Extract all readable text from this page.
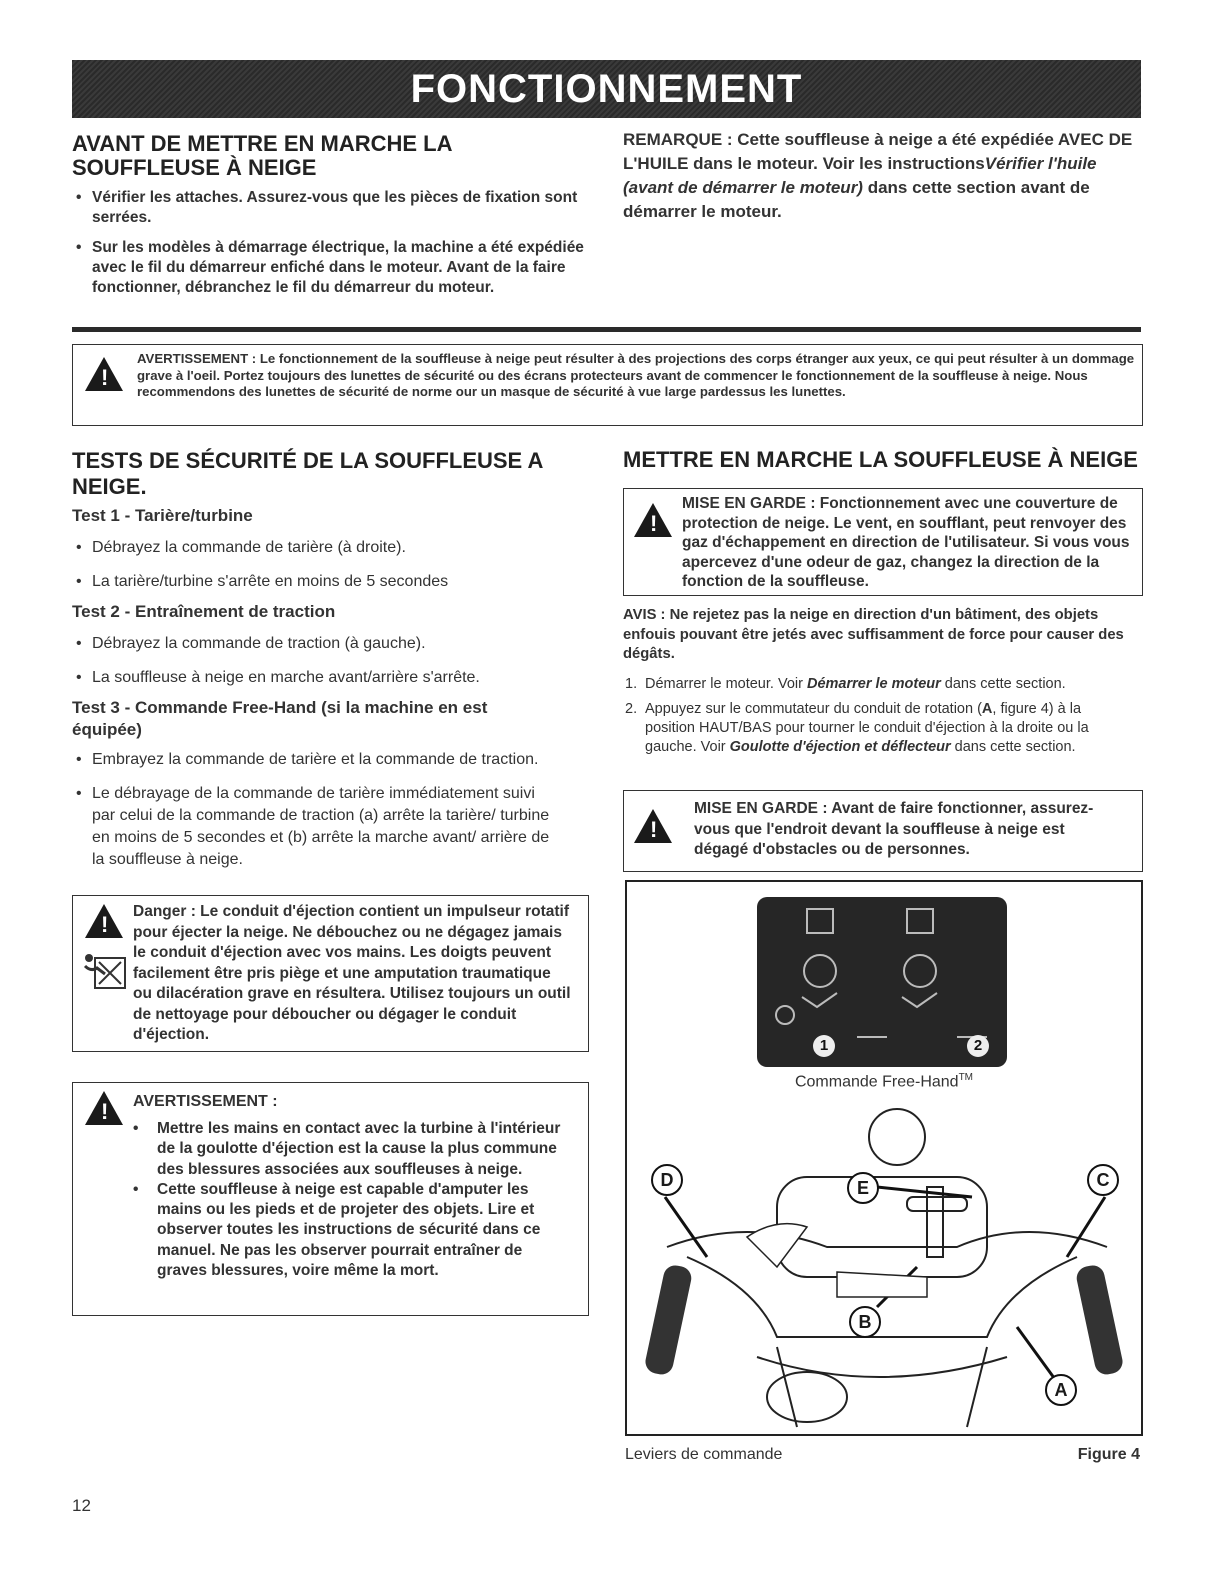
FONCTIONNEMENT
AVANT DE METTRE EN MARCHE LA SOUFFLEUSE À NEIGE
• Vérifier les attaches. Assurez-vous que les pièces de fixation sont serrées.
• Sur les modèles à démarrage électrique, la machine a été expédiée avec le fil du démarreur enfiché dans le moteur. Avant de la faire fonctionner, débranchez le fil du démarreur du moteur.

REMARQUE : Cette souffleuse à neige a été expédiée AVEC DE L'HUILE dans le moteur. Voir les instructionsVérifier l'huile (avant de démarrer le moteur) dans cette section avant de démarrer le moteur.

!

AVERTISSEMENT : Le fonctionnement de la souffleuse à neige peut résulter à des projections des corps étranger aux yeux, ce qui peut résulter à un dommage grave à l'oeil. Portez toujours des lunettes de sécurité ou des écrans protecteurs avant de commencer le fonctionnement de la souffleuse à neige. Nous recommendons des lunettes de sécurité de norme our un masque de sécurité à vue large pardessus les lunettes.

TESTS DE SÉCURITÉ DE LA SOUFFLEUSE A NEIGE.

Test 1 - Tarière/turbine

• Débrayez la commande de tarière (à droite).
• La tarière/turbine s'arrête en moins de 5 secondes

Test 2 - Entraînement de traction

• Débrayez la commande de traction (à gauche).
• La souffleuse à neige en marche avant/arrière s'arrête.

Test 3 - Commande Free-Hand (si la machine en est équipée)

• Embrayez la commande de tarière et la commande de traction.
• Le débrayage de la commande de tarière immédiatement suivi par celui de la commande de traction (a) arrête la tarière/ turbine en moins de 5 secondes et (b) arrête la marche avant/ arrière de la souffleuse à neige.
!

Danger : Le conduit d'éjection contient un impulseur rotatif pour éjecter la neige. Ne débouchez ou ne dégagez jamais le conduit d'éjection avec vos mains. Les doigts peuvent facilement être pris piège et une amputation traumatique ou dilacération grave en résultera. Utilisez toujours un outil de nettoyage pour déboucher ou dégager le conduit d'éjection.

! AVERTISSEMENT :

• Mettre les mains en contact avec la turbine à l'intérieur de la goulotte d'éjection est la cause la plus commune des blessures associées aux souffleuses à neige.
• Cette souffleuse à neige est capable d'amputer les mains ou les pieds et de projeter des objets. Lire et observer toutes les instructions de sécurité dans ce manuel. Ne pas les observer pourrait entraîner de graves blessures, voire même la mort.
METTRE EN MARCHE LA SOUFFLEUSE À NEIGE
!

MISE EN GARDE : Fonctionnement avec une couverture de protection de neige. Le vent, en soufflant, peut renvoyer des gaz d'échappement en direction de l'utilisateur. Si vous vous apercevez d'une odeur de gaz, changez la direction de la fonction de la souffleuse.

AVIS : Ne rejetez pas la neige en direction d'un bâtiment, des objets enfouis pouvant être jetés avec suffisamment de force pour causer des dégâts.

1. Démarrer le moteur. Voir Démarrer le moteur dans cette section.
2. Appuyez sur le commutateur du conduit de rotation (A, figure 4) à la position HAUT/BAS pour tourner le conduit d'éjection à la droite ou la gauche. Voir Goulotte d'éjection et déflecteur dans cette section.
!

MISE EN GARDE : Avant de faire fonctionner, assurez-vous que l'endroit devant la souffleuse à neige est dégagé d'obstacles ou de personnes.

1	2
Commande Free-Hand™
D	C
E
B
A
Leviers de commande	Figure 4
12
